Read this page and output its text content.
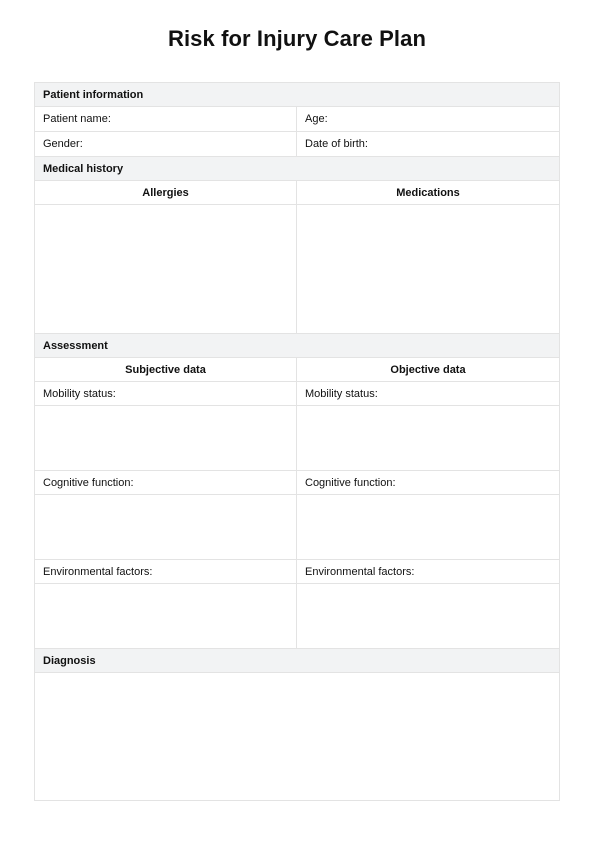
Risk for Injury Care Plan
Patient information
Patient name:	Age:
Gender:	Date of birth:
Medical history
Allergies	Medications
Assessment
Subjective data	Objective data
Mobility status:	Mobility status:
Cognitive function:	Cognitive function:
Environmental factors:	Environmental factors:
Diagnosis
